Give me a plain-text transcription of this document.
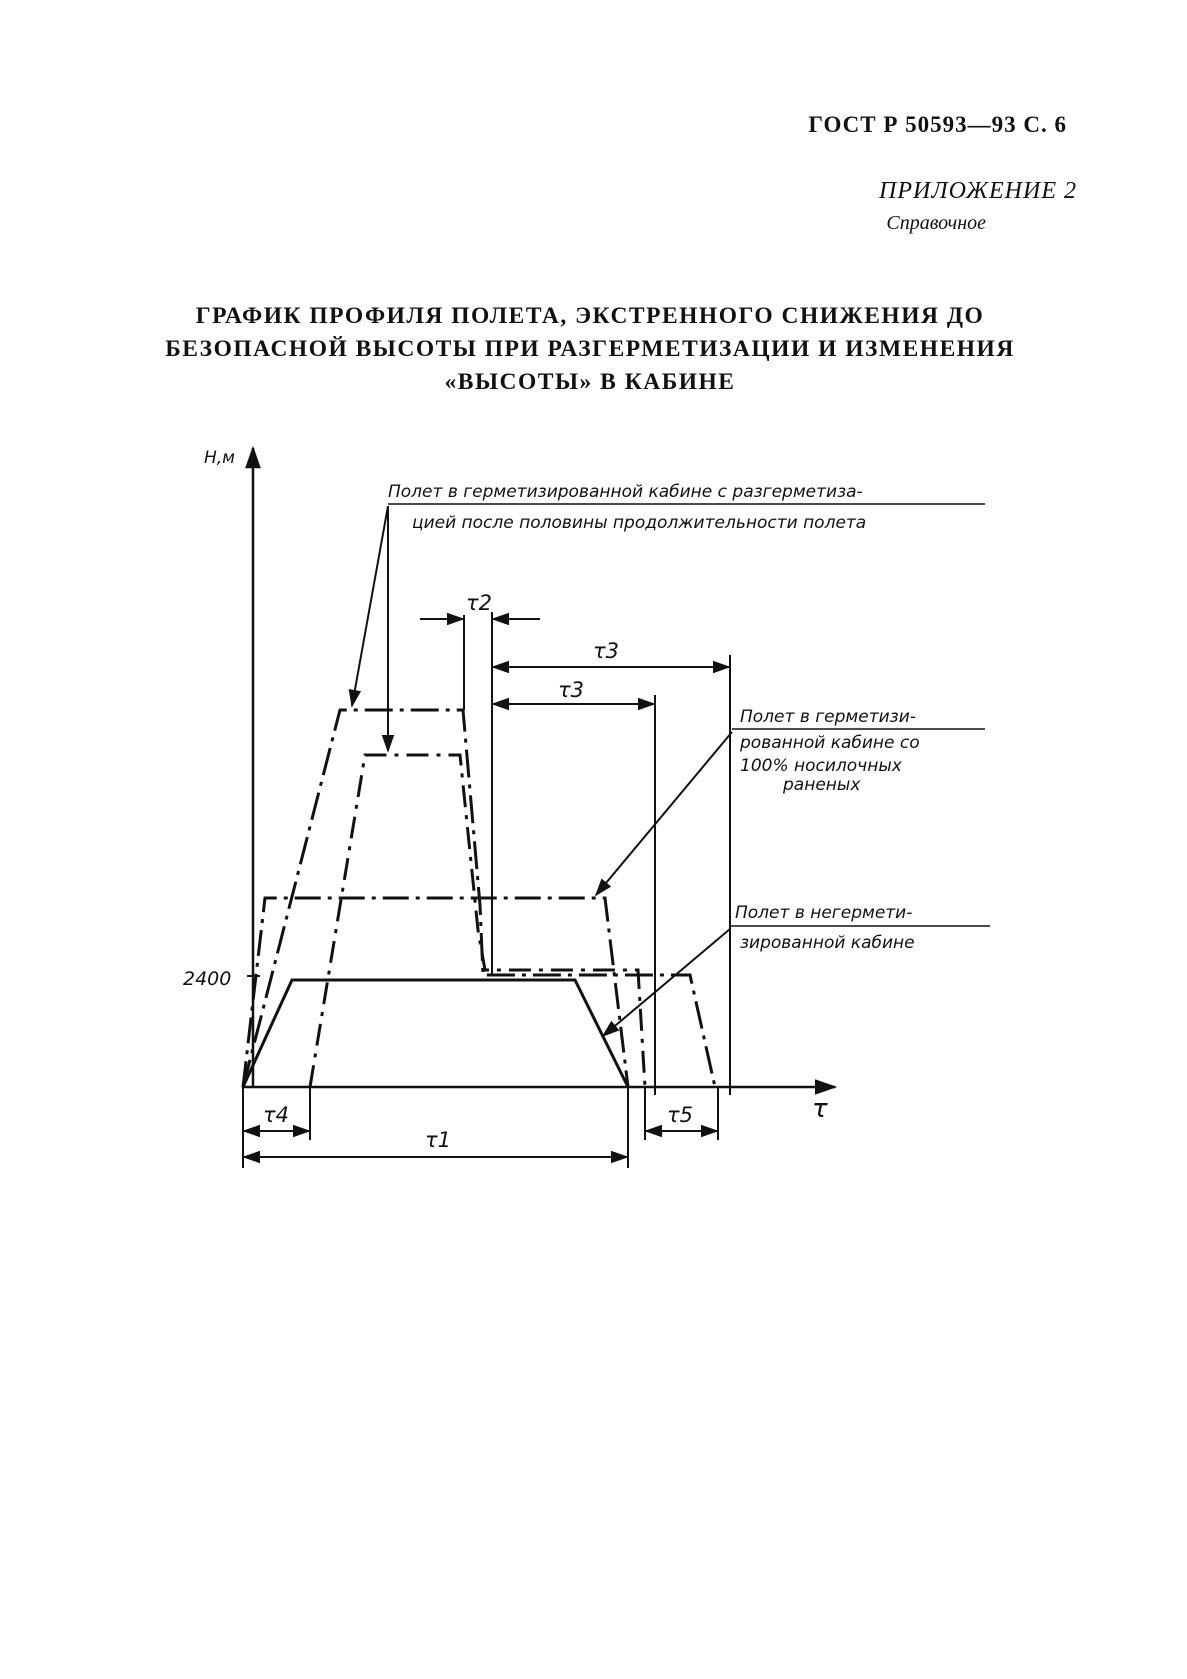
ГОСТ Р 50593—93 С. 6
ПРИЛОЖЕНИЕ 2
Справочное
ГРАФИК ПРОФИЛЯ ПОЛЕТА, ЭКСТРЕННОГО СНИЖЕНИЯ ДО
БЕЗОПАСНОЙ ВЫСОТЫ ПРИ РАЗГЕРМЕТИЗАЦИИ И ИЗМЕНЕНИЯ
«ВЫСОТЫ» В КАБИНЕ
Н,м
τ
2400
τ2
τ3
τ3
τ4
τ1
τ5
Полет в герметизированной кабине с разгерметиза-
цией после половины продолжительности полета
Полет в герметизи-
рованной кабине со
100% носилочных
раненых
Полет в негермети-
зированной кабине
